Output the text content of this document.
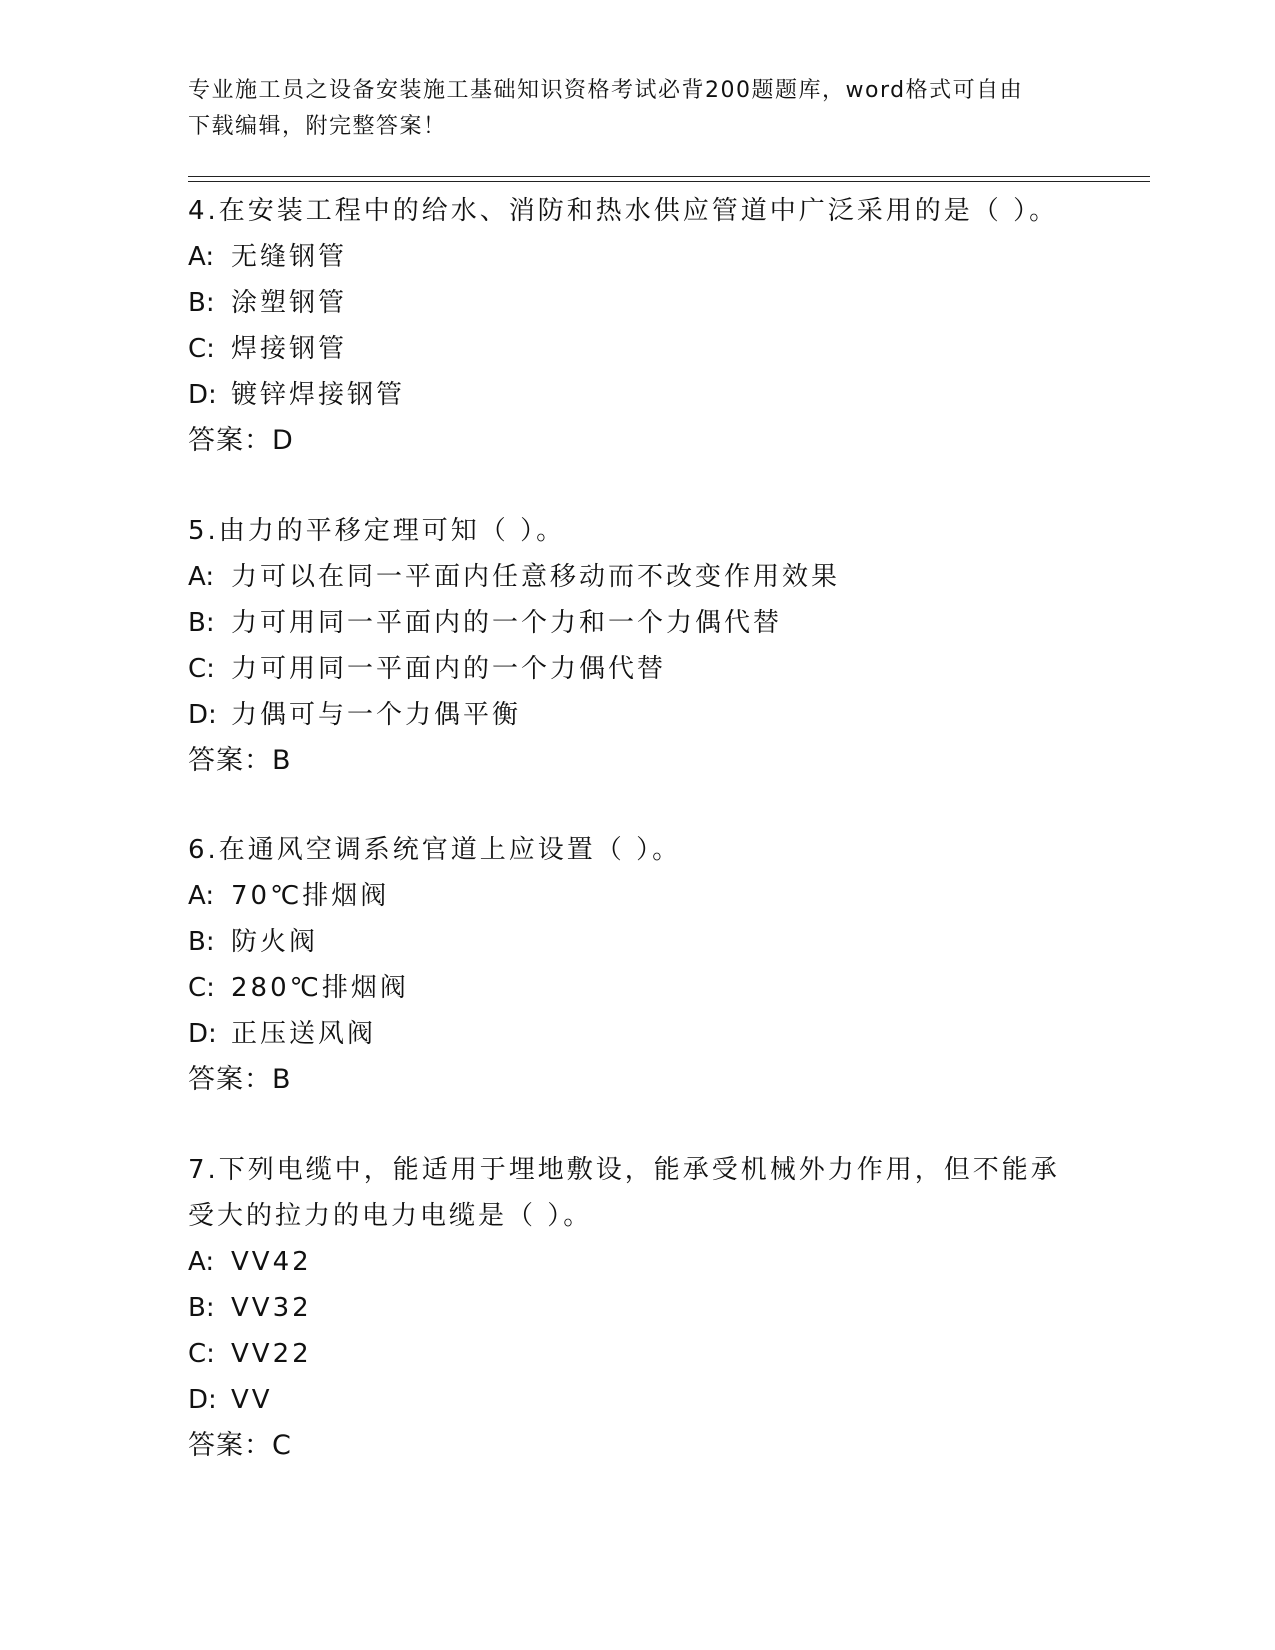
专业施工员之设备安装施工基础知识资格考试必背200题题库，word格式可自由
下载编辑，附完整答案！

4.在安装工程中的给水、消防和热水供应管道中广泛采用的是（ ）。

A: 无缝钢管

B: 涂塑钢管

C: 焊接钢管

D: 镀锌焊接钢管

答案：D

5.由力的平移定理可知（ ）。

A: 力可以在同一平面内任意移动而不改变作用效果

B: 力可用同一平面内的一个力和一个力偶代替

C: 力可用同一平面内的一个力偶代替

D: 力偶可与一个力偶平衡

答案：B

6.在通风空调系统官道上应设置（ ）。

A: 70℃排烟阀

B: 防火阀

C: 280℃排烟阀

D: 正压送风阀

答案：B

7.下列电缆中，能适用于埋地敷设，能承受机械外力作用，但不能承

受大的拉力的电力电缆是（ ）。

A: VV42

B: VV32

C: VV22

D: VV

答案：C
